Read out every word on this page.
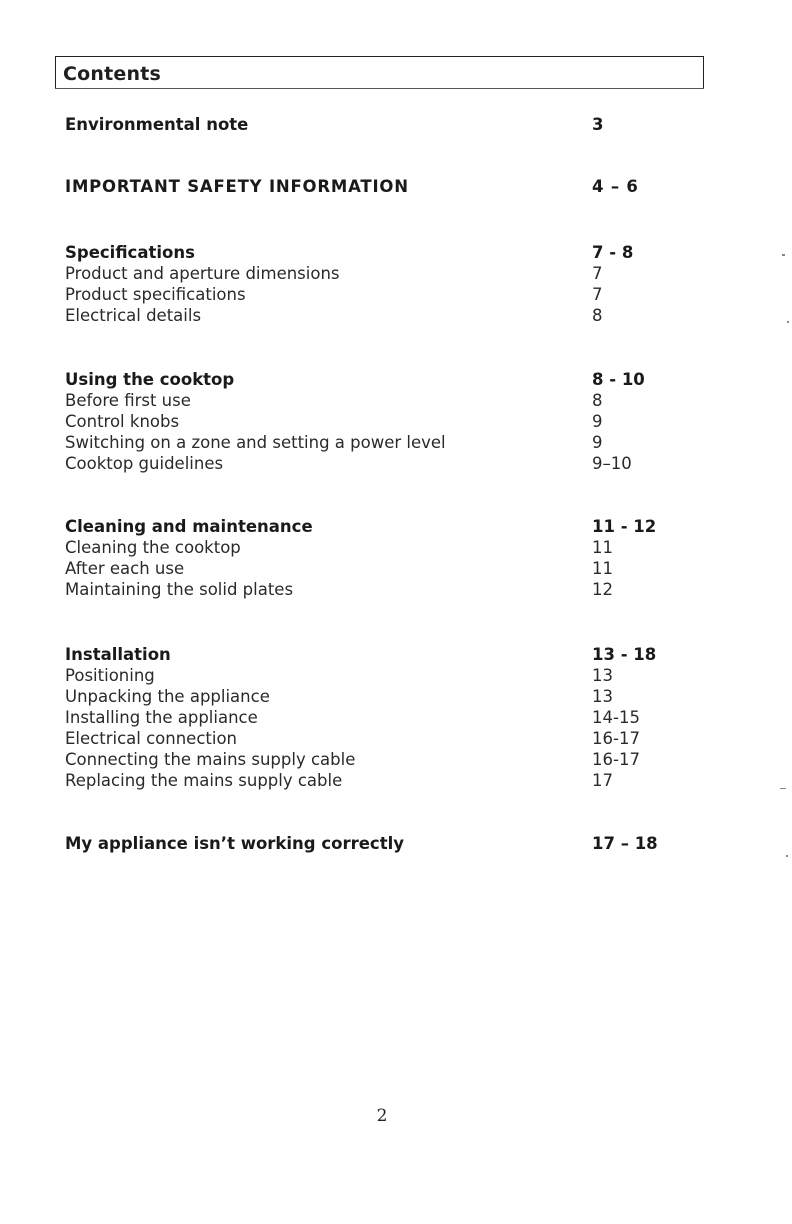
Contents
Environmental note	3
IMPORTANT SAFETY INFORMATION	4 – 6
Specifications	7 - 8
Product and aperture dimensions	7
Product specifications	7
Electrical details	8
Using the cooktop	8 - 10
Before first use	8
Control knobs	9
Switching on a zone and setting a power level	9
Cooktop guidelines	9–10
Cleaning and maintenance	11 - 12
Cleaning the cooktop	11
After each use	11
Maintaining the solid plates	12
Installation	13 - 18
Positioning	13
Unpacking the appliance	13
Installing the appliance	14-15
Electrical connection	16-17
Connecting the mains supply cable	16-17
Replacing the mains supply cable	17
My appliance isn’t working correctly	17 – 18
2
